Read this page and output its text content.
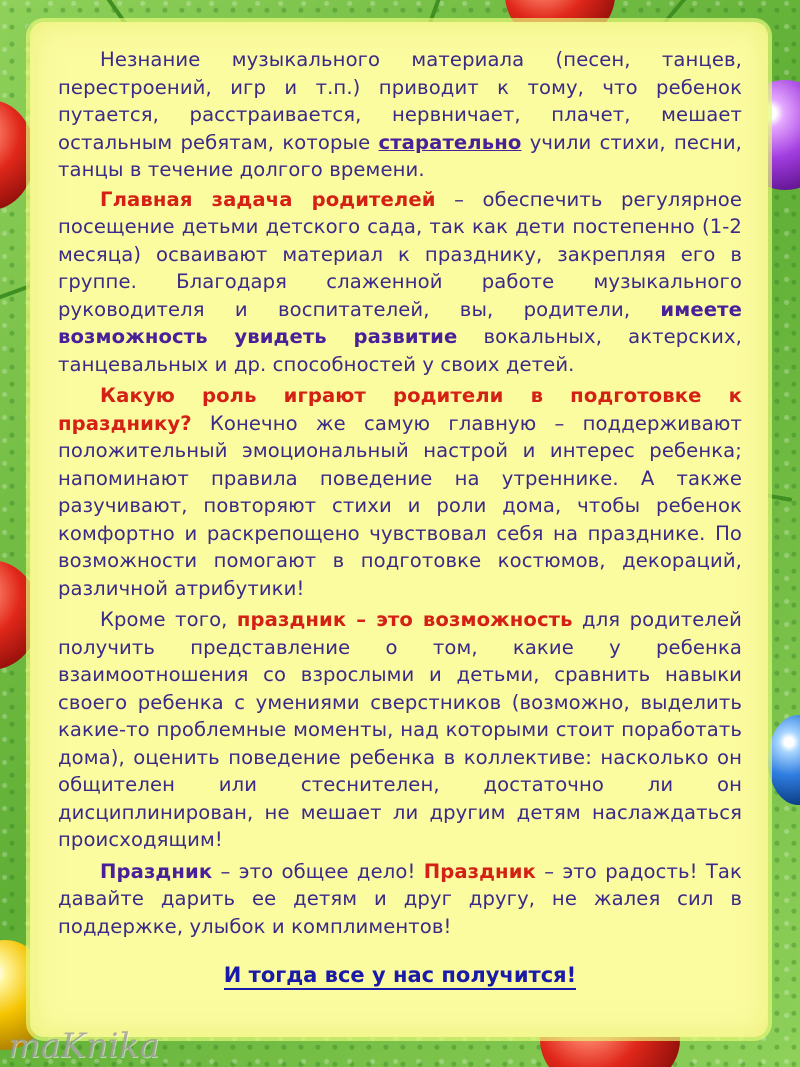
Незнание музыкального материала (песен, танцев, перестроений, игр и т.п.) приводит к тому, что ребенок путается, расстраивается, нервничает, плачет, мешает остальным ребятам, которые старательно учили стихи, песни, танцы в течение долгого времени.

Главная задача родителей – обеспечить регулярное посещение детьми детского сада, так как дети постепенно (1-2 месяца) осваивают материал к празднику, закрепляя его в группе. Благодаря слаженной работе музыкального руководителя и воспитателей, вы, родители, имеете возможность увидеть развитие вокальных, актерских, танцевальных и др. способностей у своих детей.

Какую роль играют родители в подготовке к празднику? Конечно же самую главную – поддерживают положительный эмоциональный настрой и интерес ребенка; напоминают правила поведение на утреннике. А также разучивают, повторяют стихи и роли дома, чтобы ребенок комфортно и раскрепощено чувствовал себя на празднике. По возможности помогают в подготовке костюмов, декораций, различной атрибутики!

Кроме того, праздник – это возможность для родителей получить представление о том, какие у ребенка взаимоотношения со взрослыми и детьми, сравнить навыки своего ребенка с умениями сверстников (возможно, выделить какие-то проблемные моменты, над которыми стоит поработать дома), оценить поведение ребенка в коллективе: насколько он общителен или стеснителен, достаточно ли он дисциплинирован, не мешает ли другим детям наслаждаться происходящим!

Праздник – это общее дело! Праздник – это радость! Так давайте дарить ее детям и друг другу, не жалея сил в поддержке, улыбок и комплиментов!

И тогда все у нас получится!
maKnika
